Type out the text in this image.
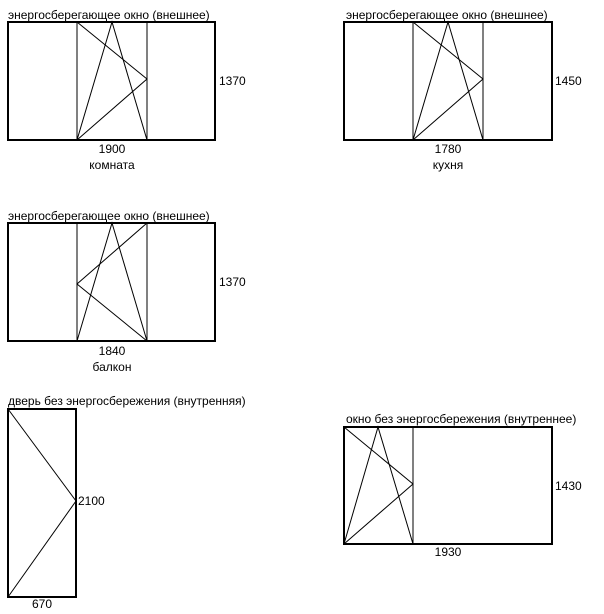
энергосберегающее окно (внешнее)
1370
1900
комната
энергосберегающее окно (внешнее)
1450
1780
кухня
энергосберегающее окно (внешнее)
1370
1840
балкон
дверь без энергосбережения (внутренняя)
2100
670
окно без энергосбережения (внутреннее)
1430
1930
